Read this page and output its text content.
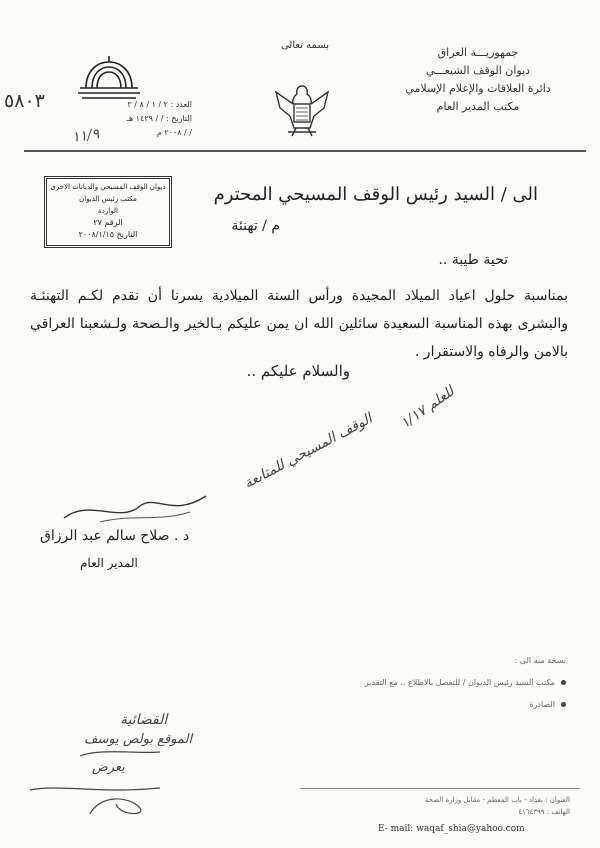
جمهوريـــة العراق
ديوان الوقف الشيعـــي
دائرة العلاقات والإعلام الإسلامي
مكتب المدير العام
بسمه تعالى
العدد : ٢ / ١ / ٨ / ٢
التاريخ : / / ١٤٢٩ هـ
/ / ٢٠٠٨ م
٥٨٠٣
١١/٩
ديوان الوقف المسيحي والديانات الاخرى
مكتب رئيس الديوان
الواردة
الرقم ٢٧
التاريخ ٢٠٠٨/١/١٥
الى / السيد رئيس الوقف المسيحي المحترم
م / تهنئة
تحية طيبة ..
بمناسبة حلول اعياد الميلاد المجيدة ورأس السنة الميلادية يسرنا أن نقدم لكـم التهنئـة والبشرى بهذه المناسبة السعيدة سائلين الله ان يمن عليكم بـالخير والـصحة ولـشعبنا العراقي بالامن والرفاه والاستقرار .
والسلام عليكم ..
الوقف المسيحي للمتابعة	للعلم ١/١٧
د . صلاح سالم عبد الرزاق
المدير العام
نسخة منه الى :
مكتب السيد رئيس الديوان / للتفضل بالاطلاع .. مع التقدير
الصادرة
القضائية
الموقع بولص يوسف
يعرض
العنوان : بغداد - باب المعظم - مقابل وزارة الصحة
الهاتف : ٤١٦٤٣٩٩
E- mail: waqaf_shia@yahoo.com
